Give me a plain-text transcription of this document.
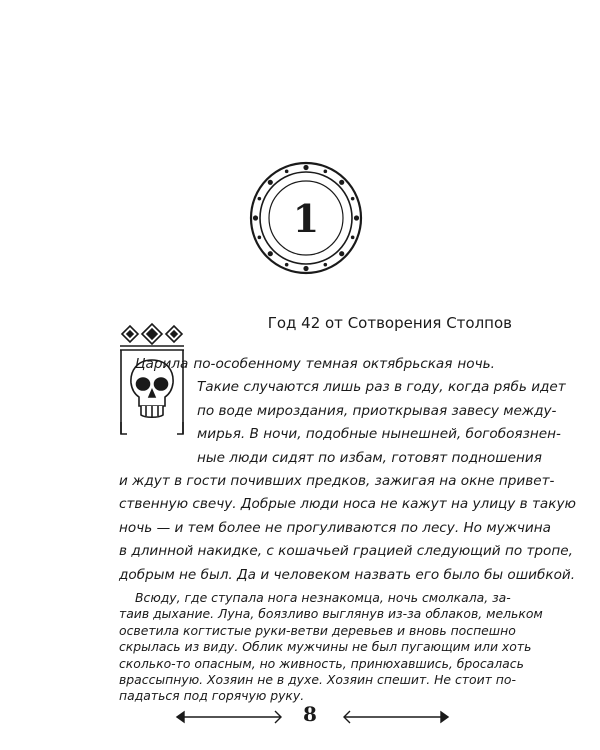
1
Год 42 от Сотворения Столпов
Царила по-особенному темная октябрьская ночь.
Такие случаются лишь раз в году, когда рябь идет
по воде мироздания, приоткрывая завесу между-
мирья. В ночи, подобные нынешней, богобоязнен-
ные люди сидят по избам, готовят подношения
и ждут в гости почивших предков, зажигая на окне привет-
ственную свечу. Добрые люди носа не кажут на улицу в такую
ночь — и тем более не прогуливаются по лесу. Но мужчина
в длинной накидке, с кошачьей грацией следующий по тропе,
добрым не был. Да и человеком назвать его было бы ошибкой.
Всюду, где ступала нога незнакомца, ночь смолкала, за-
таив дыхание. Луна, боязливо выглянув из-за облаков, мельком
осветила когтистые руки-ветви деревьев и вновь поспешно
скрылась из виду. Облик мужчины не был пугающим или хоть
сколько-то опасным, но живность, принюхавшись, бросалась
врассыпную. Хозяин не в духе. Хозяин спешит. Не стоит по-
падаться под горячую руку.
8
